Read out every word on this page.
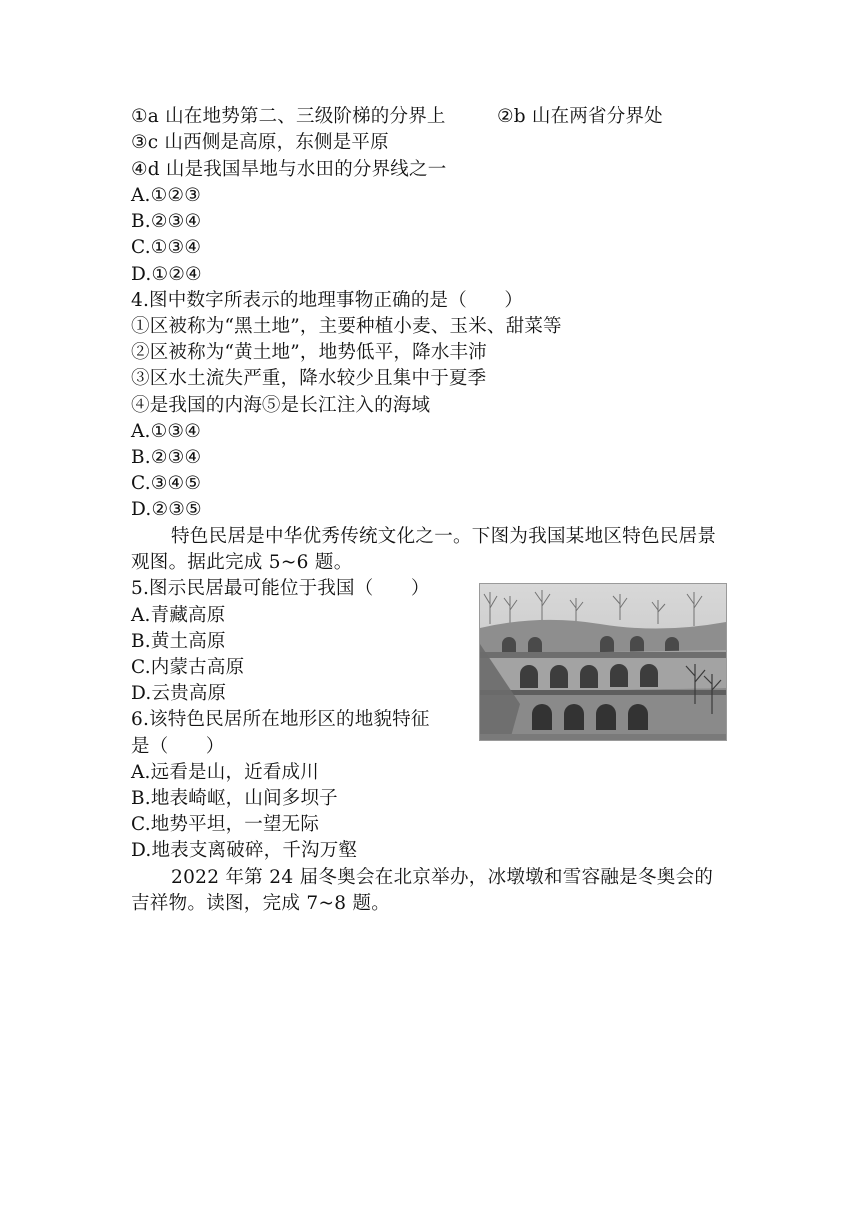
①a 山在地势第二、三级阶梯的分界上	②b 山在两省分界处
③c 山西侧是高原，东侧是平原
④d 山是我国旱地与水田的分界线之一
A.①②③
B.②③④
C.①③④
D.①②④
4.图中数字所表示的地理事物正确的是（　　）
①区被称为“黑土地”，主要种植小麦、玉米、甜菜等
②区被称为“黄土地”，地势低平，降水丰沛
③区水土流失严重，降水较少且集中于夏季
④是我国的内海⑤是长江注入的海域
A.①③④
B.②③④
C.③④⑤
D.②③⑤
特色民居是中华优秀传统文化之一。下图为我国某地区特色民居景观图。据此完成 5~6 题。
5.图示民居最可能位于我国（　　）
A.青藏高原
B.黄土高原
C.内蒙古高原
D.云贵高原
6.该特色民居所在地形区的地貌特征
是（　　）
A.远看是山，近看成川
B.地表崎岖，山间多坝子
C.地势平坦，一望无际
D.地表支离破碎，千沟万壑
2022 年第 24 届冬奥会在北京举办，冰墩墩和雪容融是冬奥会的吉祥物。读图，完成 7~8 题。
